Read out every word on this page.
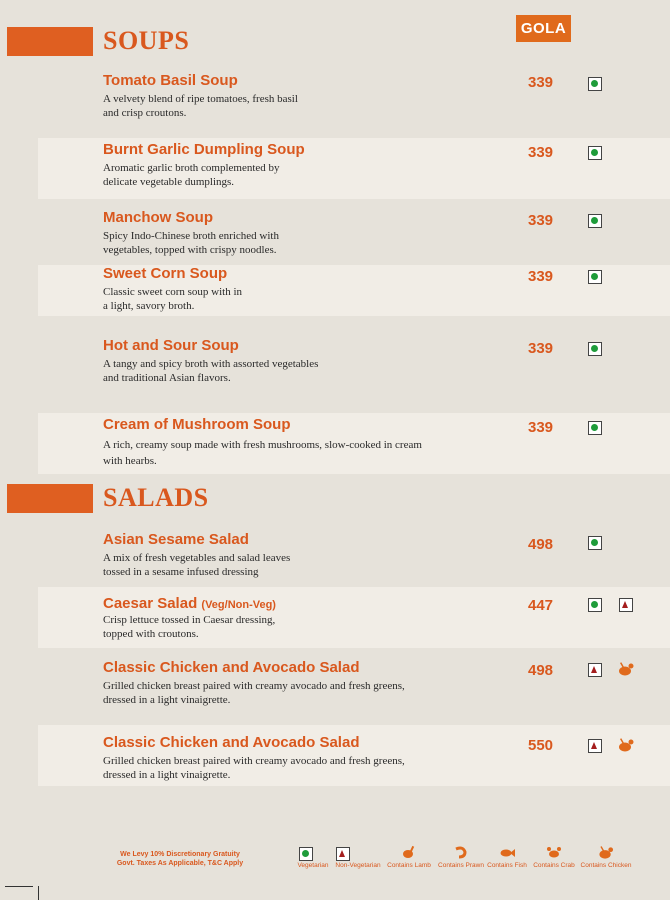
GOLA
SOUPS
Tomato Basil Soup
A velvety blend of ripe tomatoes, fresh basil
and crisp croutons.
339
Burnt Garlic Dumpling Soup
Aromatic garlic broth complemented by
delicate vegetable dumplings.
339
Manchow Soup
Spicy Indo-Chinese broth enriched with
vegetables, topped with crispy noodles.
339
Sweet Corn Soup
Classic sweet corn soup with in
a light, savory broth.
339
Hot and Sour Soup
A tangy and spicy broth with assorted vegetables
and traditional Asian flavors.
339
Cream of Mushroom Soup
A rich, creamy soup made with fresh mushrooms, slow-cooked in cream
with hearbs.
339
SALADS
Asian Sesame Salad
A mix of fresh vegetables and salad leaves
tossed in a sesame infused dressing
498
Caesar Salad (Veg/Non-Veg)
Crisp lettuce tossed in Caesar dressing,
topped with croutons.
447
Classic Chicken and Avocado Salad
Grilled chicken breast paired with creamy avocado and fresh greens,
dressed in a light vinaigrette.
498
Classic Chicken and Avocado Salad
Grilled chicken breast paired with creamy avocado and fresh greens,
dressed in a light vinaigrette.
550
We Levy 10% Discretionary Gratuity
Govt. Taxes As Applicable, T&C Apply	Vegetarian	Non-Vegetarian	Contains Lamb	Contains Prawn Contains Fish Contains Crab Contains Chicken
